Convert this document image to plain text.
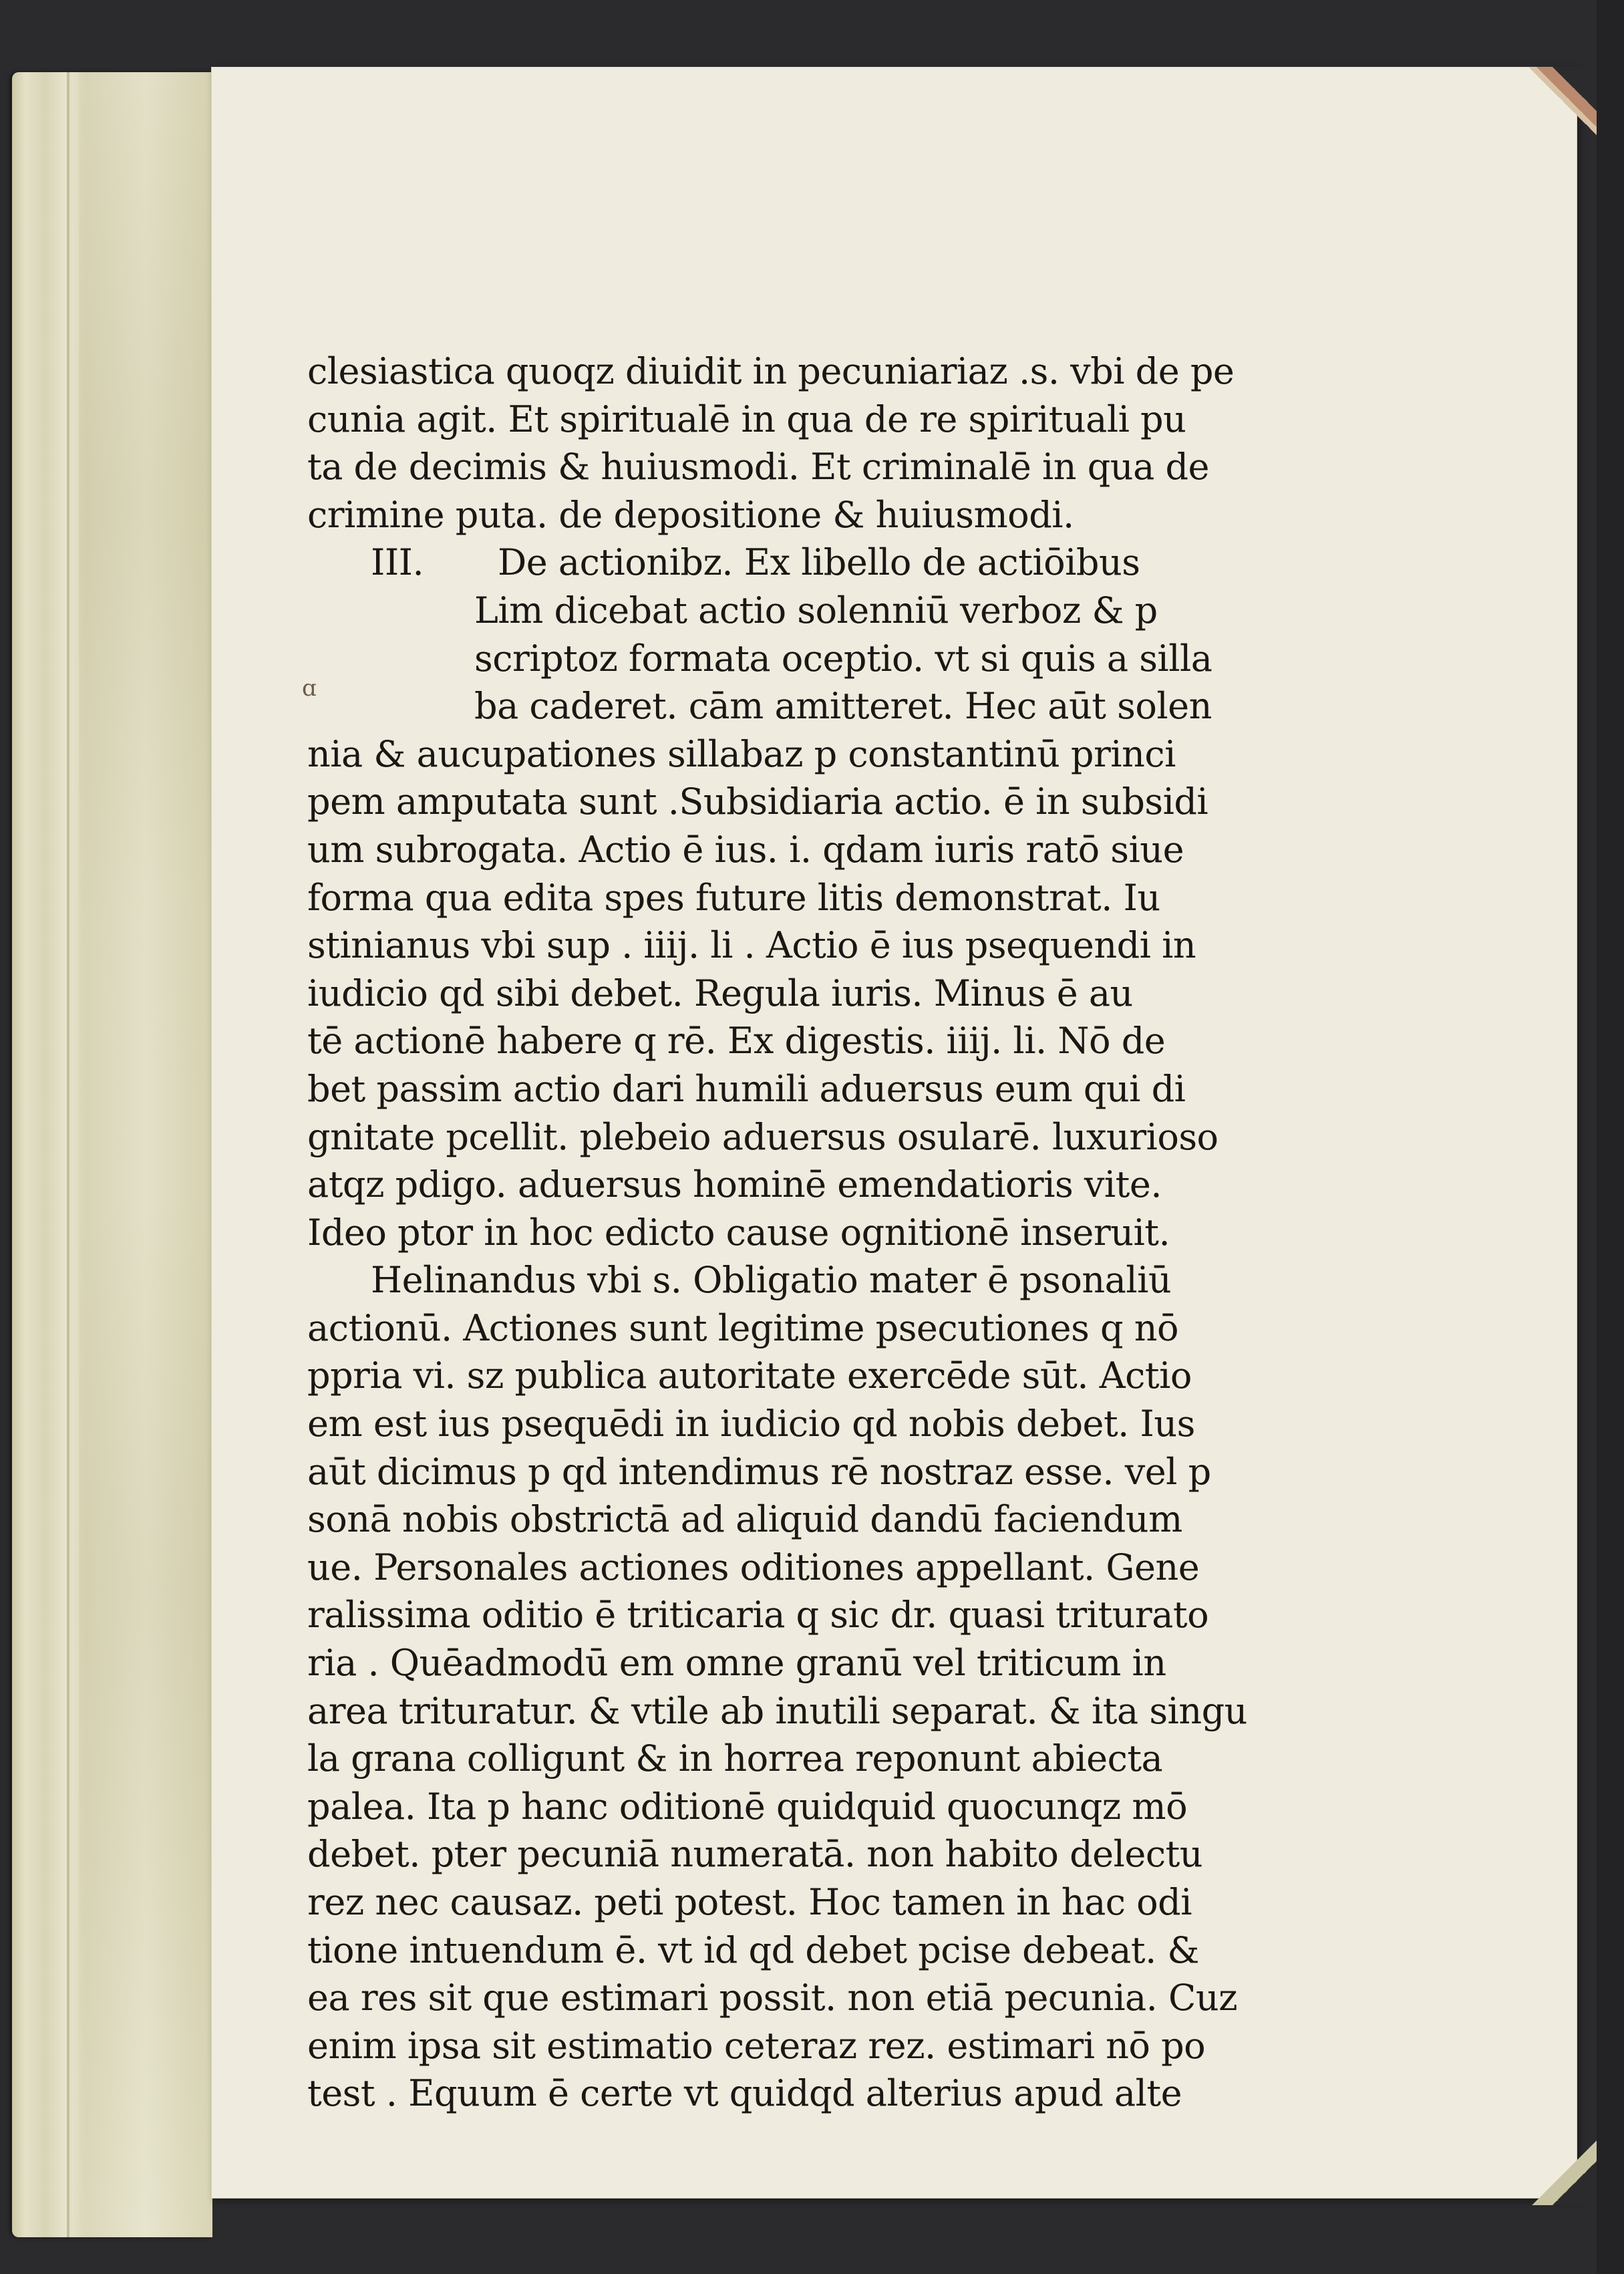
ɑ
clesiastica quoqz diuidit in pecuniariaz .s. vbi de pe
cunia agit. Et spiritualē in qua de re spirituali pu
ta de decimis & huiusmodi. Et criminalē in qua de
crimine puta. de depositione & huiusmodi.
III. De actionibz. Ex libello de actiōibus
Lim dicebat actio solenniū verboz & p
scriptoz formata oceptio. vt si quis a silla
ba caderet. cām amitteret. Hec aūt solen
nia & aucupationes sillabaz p constantinū princi
pem amputata sunt .Subsidiaria actio. ē in subsidi
um subrogata. Actio ē ius. i. qdam iuris ratō siue
forma qua edita spes future litis demonstrat. Iu
stinianus vbi sup . iiij. li . Actio ē ius psequendi in
iudicio qd sibi debet. Regula iuris. Minus ē au
tē actionē habere q rē. Ex digestis. iiij. li. Nō de
bet passim actio dari humili aduersus eum qui di
gnitate pcellit. plebeio aduersus osularē. luxurioso
atqz pdigo. aduersus hominē emendatioris vite.
Ideo ptor in hoc edicto cause ognitionē inseruit.
Helinandus vbi s. Obligatio mater ē psonaliū
actionū. Actiones sunt legitime psecutiones q nō
ppria vi. sz publica autoritate exercēde sūt. Actio
em est ius psequēdi in iudicio qd nobis debet. Ius
aūt dicimus p qd intendimus rē nostraz esse. vel p
sonā nobis obstrictā ad aliquid dandū faciendum
ue. Personales actiones oditiones appellant. Gene
ralissima oditio ē triticaria q sic dr. quasi trituratо
ria . Quēadmodū em omne granū vel triticum in
area trituratur. & vtile ab inutili separat. & ita singu
la grana colligunt & in horrea reponunt abiecta
palea. Ita p hanc oditionē quidquid quocunqz mō
debet. pter pecuniā numeratā. non habito delectu
rez nec causaz. peti potest. Hoc tamen in hac odi
tione intuendum ē. vt id qd debet pcise debeat. &
ea res sit que estimari possit. non etiā pecunia. Cuz
enim ipsa sit estimatio ceteraz rez. estimari nō po
test . Equum ē certe vt quidqd alterius apud alte
